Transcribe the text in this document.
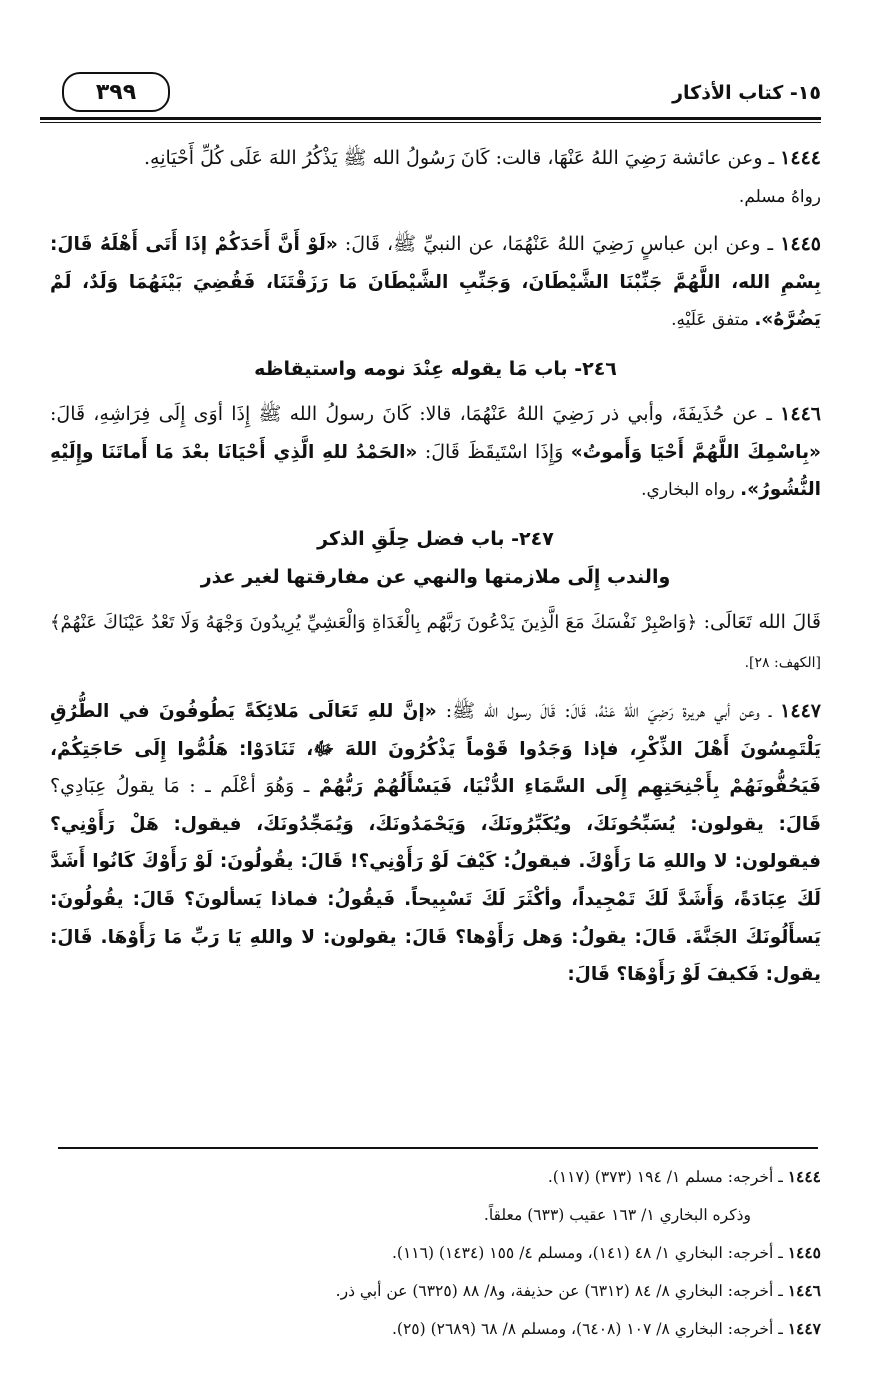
١٥- كتاب الأذكار
٣٩٩

١٤٤٤ ـ وعن عائشة رَضِيَ اللهُ عَنْهَا، قالت: كَانَ رَسُولُ الله ﷺ يَذْكُرُ اللهَ عَلَى كُلِّ أَحْيَانِهِ.
رواهُ مسلم.

١٤٤٥ ـ وعن ابن عباسٍ رَضِيَ اللهُ عَنْهُمَا، عن النبيِّ ﷺ، قَالَ: «لَوْ أَنَّ أَحَدَكُمْ إذَا أَتَى أَهْلَهُ قَالَ: بِسْمِ الله، اللَّهُمَّ جَنِّبْنَا الشَّيْطَانَ، وَجَنِّبِ الشَّيْطَانَ مَا رَزَقْتَنَا، فَقُضِيَ بَيْنَهُمَا وَلَدٌ، لَمْ يَضُرَّهُ». متفق عَلَيْهِ.

٢٤٦- باب مَا يقوله عِنْدَ نومه واستيقاظه

١٤٤٦ ـ عن حُذَيفَةَ، وأبي ذر رَضِيَ اللهُ عَنْهُمَا، قالا: كَانَ رسولُ الله ﷺ إِذَا أوَى إِلَى فِرَاشِهِ، قَالَ: «بِاسْمِكَ اللَّهُمَّ أَحْيَا وَأَموتُ» وَإِذَا اسْتَيقَظَ قَالَ: «الحَمْدُ للهِ الَّذِي أَحْيَانَا بعْدَ مَا أَماتَنَا وإِلَيْهِ النُّشُورُ». رواه البخاري.

٢٤٧- باب فضل حِلَقِ الذكر
والندب إِلَى ملازمتها والنهي عن مفارقتها لغير عذر

قَالَ الله تَعَالَى: ﴿وَاصْبِرْ نَفْسَكَ مَعَ الَّذِينَ يَدْعُونَ رَبَّهُم بِالْغَدَاةِ وَالْعَشِيِّ يُرِيدُونَ وَجْهَهُ وَلَا تَعْدُ عَيْنَاكَ عَنْهُمْ﴾ [الكهف: ٢٨].

١٤٤٧ ـ وعن أبي هريرة رَضِيَ اللهُ عَنْهُ، قَالَ: قَالَ رسول الله ﷺ: «إنَّ للهِ تَعَالَى مَلائِكَةً يَطُوفُونَ في الطُّرُقِ يَلْتَمِسُونَ أَهْلَ الذِّكْرِ، فإذا وَجَدُوا قَوْماً يَذْكُرُونَ اللهَ ﷻ، تَنَادَوْا: هَلُمُّوا إِلَى حَاجَتِكُمْ، فَيَحُفُّونَهُمْ بِأَجْنِحَتِهِم إِلَى السَّمَاءِ الدُّنْيَا، فَيَسْأَلُهُمْ رَبُّهُمْ ـ وَهُوَ أعْلَم ـ : مَا يقولُ عِبَادِي؟ قَالَ: يقولون: يُسَبِّحُونَكَ، ويُكَبِّرُونَكَ، وَيَحْمَدُونَكَ، وَيُمَجِّدُونَكَ، فيقول: هَلْ رَأَوْنِي؟ فيقولون: لا واللهِ مَا رَأَوْكَ. فيقولُ: كَيْفَ لَوْ رَأَوْنِي؟! قَالَ: يقُولُونَ: لَوْ رَأَوْكَ كَانُوا أَشَدَّ لَكَ عِبَادَةً، وَأَشَدَّ لَكَ تَمْجِيداً، وأكْثَرَ لَكَ تَسْبِيحاً. فَيقُولُ: فماذا يَسألونَ؟ قَالَ: يقُولُونَ: يَسأَلُونَكَ الجَنَّةَ. قَالَ: يقولُ: وَهل رَأَوْها؟ قَالَ: يقولون: لا واللهِ يَا رَبِّ مَا رَأَوْهَا. قَالَ: يقول: فَكيفَ لَوْ رَأَوْهَا؟ قَالَ:

١٤٤٤ ـ أخرجه: مسلم ١/ ١٩٤ (٣٧٣) (١١٧).
وذكره البخاري ١/ ١٦٣ عقيب (٦٣٣) معلقاً.
١٤٤٥ ـ أخرجه: البخاري ١/ ٤٨ (١٤١)، ومسلم ٤/ ١٥٥ (١٤٣٤) (١١٦).
١٤٤٦ ـ أخرجه: البخاري ٨/ ٨٤ (٦٣١٢) عن حذيفة، و٨/ ٨٨ (٦٣٢٥) عن أبي ذر.
١٤٤٧ ـ أخرجه: البخاري ٨/ ١٠٧ (٦٤٠٨)، ومسلم ٨/ ٦٨ (٢٦٨٩) (٢٥).
